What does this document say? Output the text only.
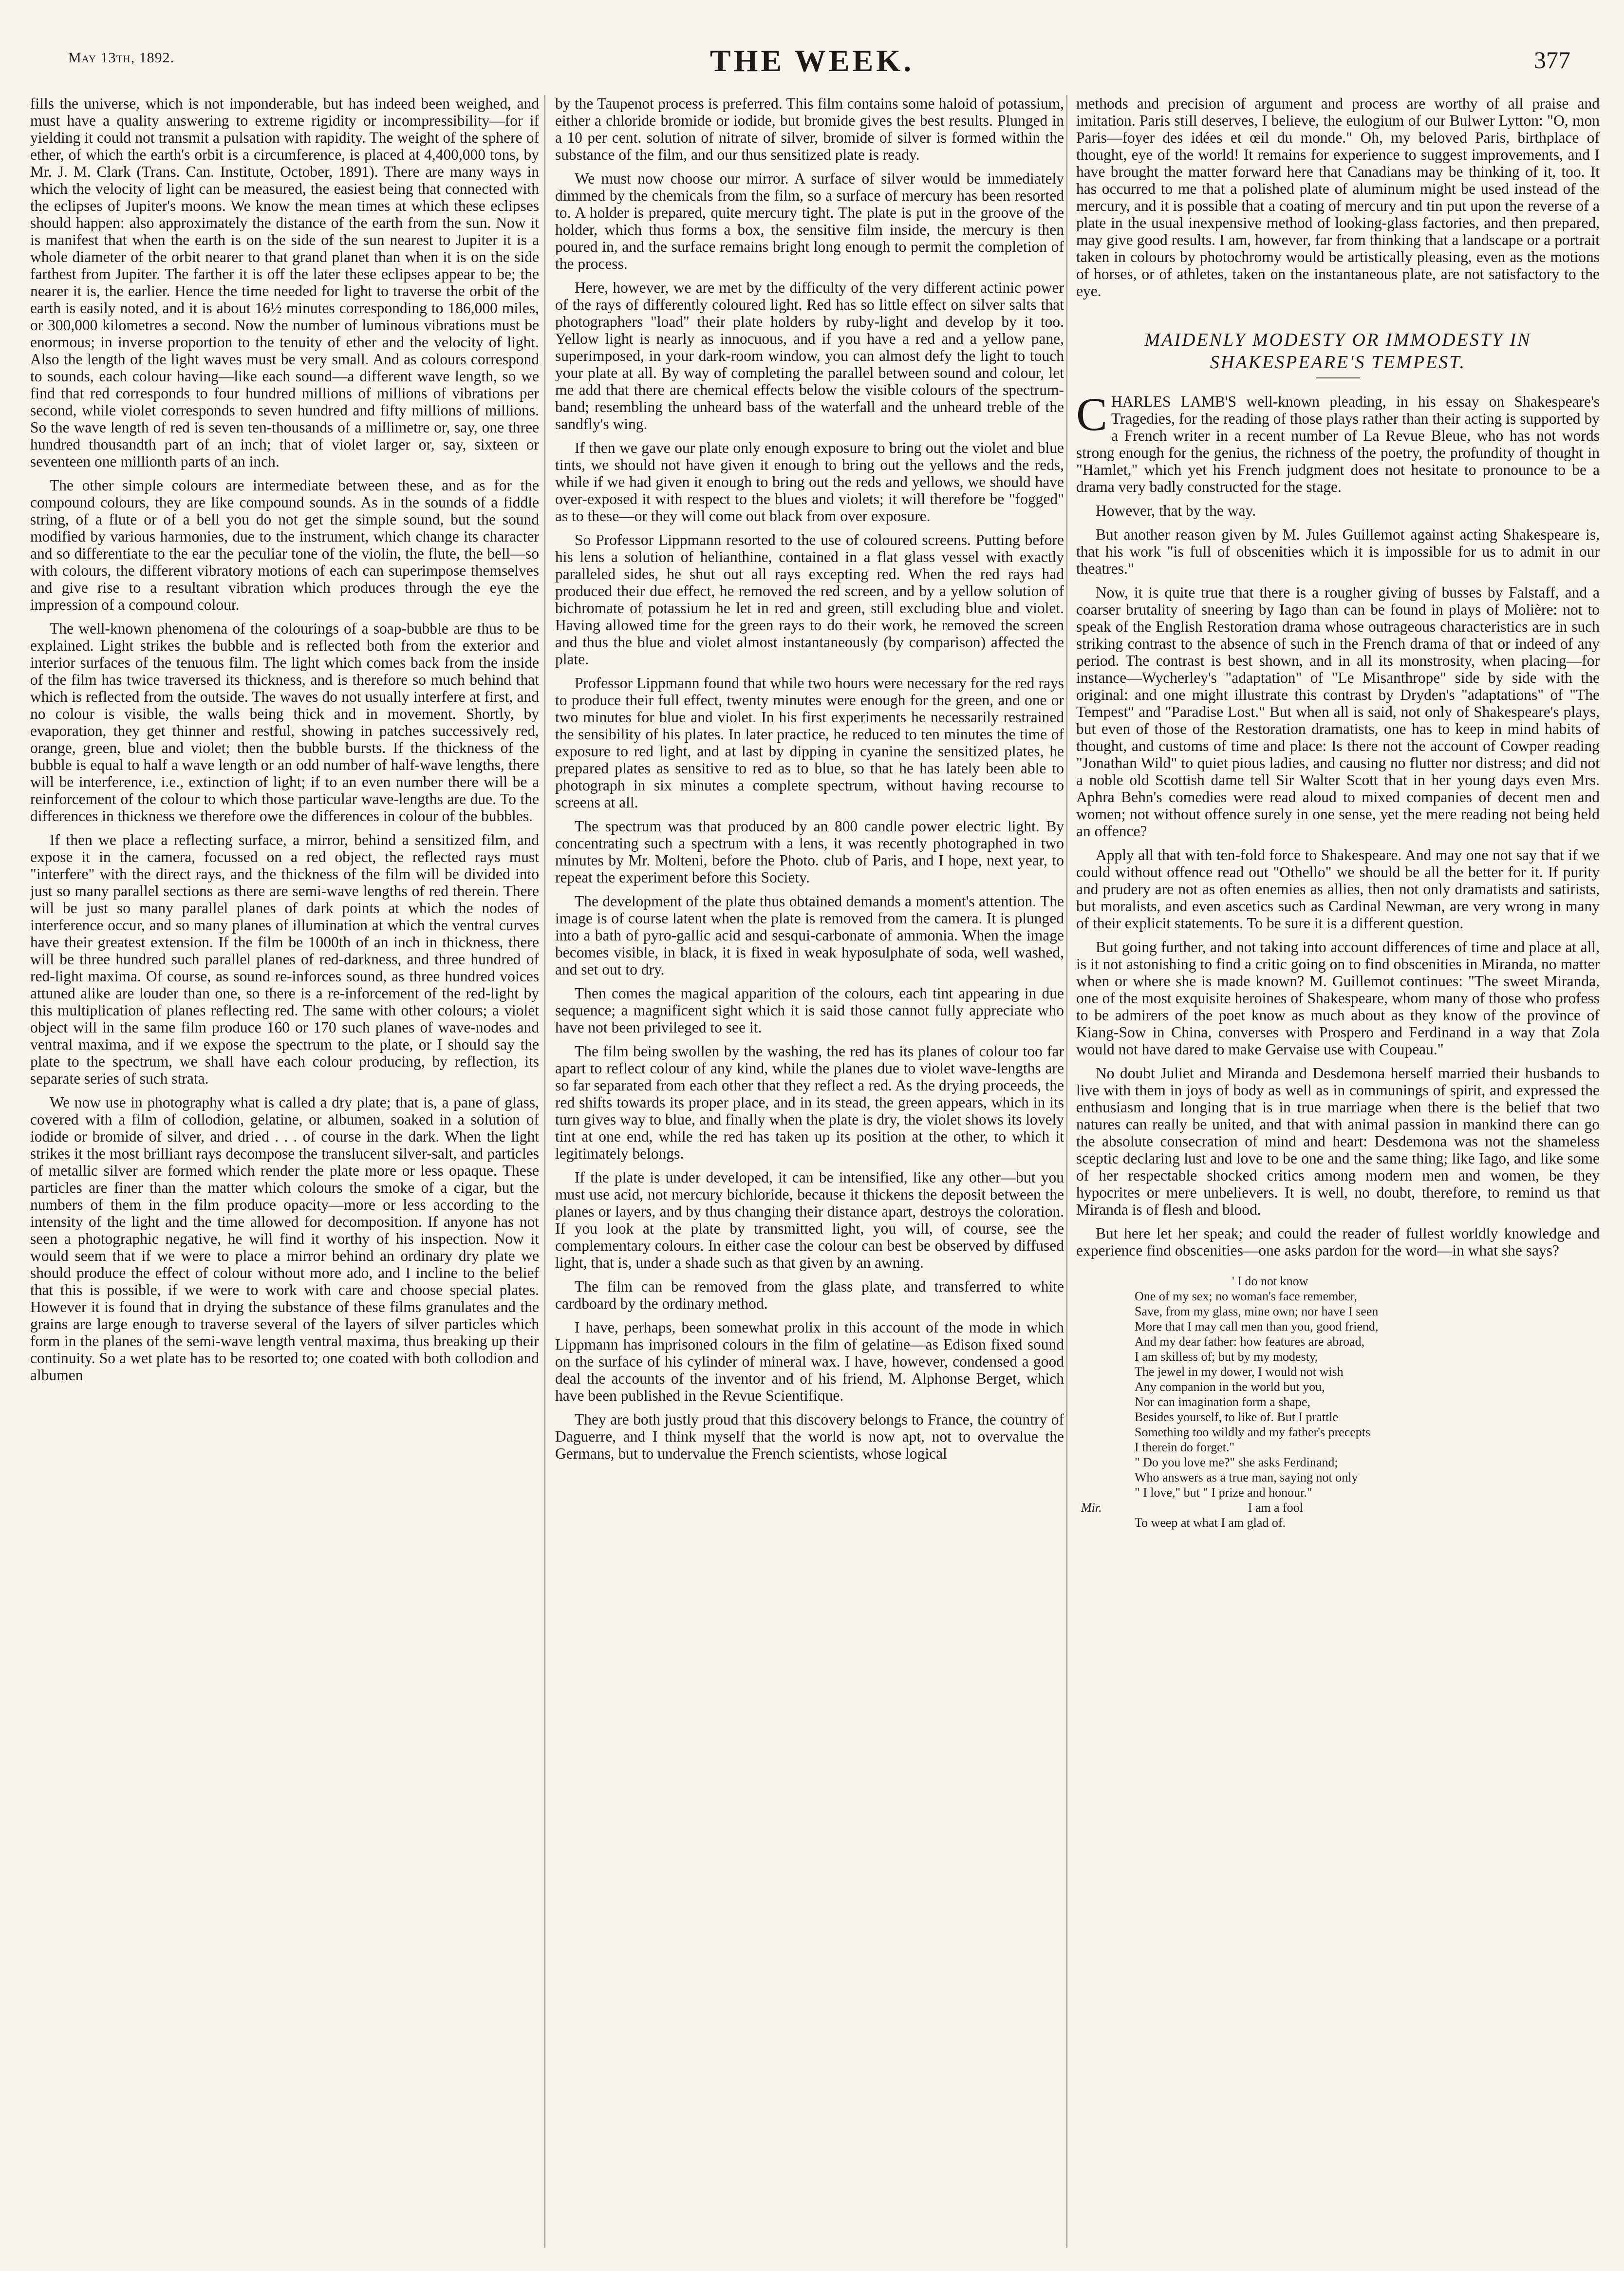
May 13th, 1892.	THE WEEK.	377

fills the universe, which is not imponderable, but has indeed been weighed, and must have a quality answering to extreme rigidity or incompressibility—for if yielding it could not transmit a pulsation with rapidity. The weight of the sphere of ether, of which the earth's orbit is a circumference, is placed at 4,400,000 tons, by Mr. J. M. Clark (Trans. Can. Institute, October, 1891). There are many ways in which the velocity of light can be measured, the easiest being that connected with the eclipses of Jupiter's moons. We know the mean times at which these eclipses should happen: also approximately the distance of the earth from the sun. Now it is manifest that when the earth is on the side of the sun nearest to Jupiter it is a whole diameter of the orbit nearer to that grand planet than when it is on the side farthest from Jupiter. The farther it is off the later these eclipses appear to be; the nearer it is, the earlier. Hence the time needed for light to traverse the orbit of the earth is easily noted, and it is about 16½ minutes corresponding to 186,000 miles, or 300,000 kilometres a second. Now the number of luminous vibrations must be enormous; in inverse proportion to the tenuity of ether and the velocity of light. Also the length of the light waves must be very small. And as colours correspond to sounds, each colour having—like each sound—a different wave length, so we find that red corresponds to four hundred millions of millions of vibrations per second, while violet corresponds to seven hundred and fifty millions of millions. So the wave length of red is seven ten-thousands of a millimetre or, say, one three hundred thousandth part of an inch; that of violet larger or, say, sixteen or seventeen one millionth parts of an inch.

The other simple colours are intermediate between these, and as for the compound colours, they are like compound sounds. As in the sounds of a fiddle string, of a flute or of a bell you do not get the simple sound, but the sound modified by various harmonies, due to the instrument, which change its character and so differentiate to the ear the peculiar tone of the violin, the flute, the bell—so with colours, the different vibratory motions of each can superimpose themselves and give rise to a resultant vibration which produces through the eye the impression of a compound colour.

The well-known phenomena of the colourings of a soap-bubble are thus to be explained. Light strikes the bubble and is reflected both from the exterior and interior surfaces of the tenuous film. The light which comes back from the inside of the film has twice traversed its thickness, and is therefore so much behind that which is reflected from the outside. The waves do not usually interfere at first, and no colour is visible, the walls being thick and in movement. Shortly, by evaporation, they get thinner and restful, showing in patches successively red, orange, green, blue and violet; then the bubble bursts. If the thickness of the bubble is equal to half a wave length or an odd number of half-wave lengths, there will be interference, i.e., extinction of light; if to an even number there will be a reinforcement of the colour to which those particular wave-lengths are due. To the differences in thickness we therefore owe the differences in colour of the bubbles.

If then we place a reflecting surface, a mirror, behind a sensitized film, and expose it in the camera, focussed on a red object, the reflected rays must "interfere" with the direct rays, and the thickness of the film will be divided into just so many parallel sections as there are semi-wave lengths of red therein. There will be just so many parallel planes of dark points at which the nodes of interference occur, and so many planes of illumination at which the ventral curves have their greatest extension. If the film be 1000th of an inch in thickness, there will be three hundred such parallel planes of red-darkness, and three hundred of red-light maxima. Of course, as sound re-inforces sound, as three hundred voices attuned alike are louder than one, so there is a re-inforcement of the red-light by this multiplication of planes reflecting red. The same with other colours; a violet object will in the same film produce 160 or 170 such planes of wave-nodes and ventral maxima, and if we expose the spectrum to the plate, or I should say the plate to the spectrum, we shall have each colour producing, by reflection, its separate series of such strata.

We now use in photography what is called a dry plate; that is, a pane of glass, covered with a film of collodion, gelatine, or albumen, soaked in a solution of iodide or bromide of silver, and dried . . . of course in the dark. When the light strikes it the most brilliant rays decompose the translucent silver-salt, and particles of metallic silver are formed which render the plate more or less opaque. These particles are finer than the matter which colours the smoke of a cigar, but the numbers of them in the film produce opacity—more or less according to the intensity of the light and the time allowed for decomposition. If anyone has not seen a photographic negative, he will find it worthy of his inspection. Now it would seem that if we were to place a mirror behind an ordinary dry plate we should produce the effect of colour without more ado, and I incline to the belief that this is possible, if we were to work with care and choose special plates. However it is found that in drying the substance of these films granulates and the grains are large enough to traverse several of the layers of silver particles which form in the planes of the semi-wave length ventral maxima, thus breaking up their continuity. So a wet plate has to be resorted to; one coated with both collodion and albumen

by the Taupenot process is preferred. This film contains some haloid of potassium, either a chloride bromide or iodide, but bromide gives the best results. Plunged in a 10 per cent. solution of nitrate of silver, bromide of silver is formed within the substance of the film, and our thus sensitized plate is ready.

We must now choose our mirror. A surface of silver would be immediately dimmed by the chemicals from the film, so a surface of mercury has been resorted to. A holder is prepared, quite mercury tight. The plate is put in the groove of the holder, which thus forms a box, the sensitive film inside, the mercury is then poured in, and the surface remains bright long enough to permit the completion of the process.

Here, however, we are met by the difficulty of the very different actinic power of the rays of differently coloured light. Red has so little effect on silver salts that photographers "load" their plate holders by ruby-light and develop by it too. Yellow light is nearly as innocuous, and if you have a red and a yellow pane, superimposed, in your dark-room window, you can almost defy the light to touch your plate at all. By way of completing the parallel between sound and colour, let me add that there are chemical effects below the visible colours of the spectrum-band; resembling the unheard bass of the waterfall and the unheard treble of the sandfly's wing.

If then we gave our plate only enough exposure to bring out the violet and blue tints, we should not have given it enough to bring out the yellows and the reds, while if we had given it enough to bring out the reds and yellows, we should have over-exposed it with respect to the blues and violets; it will therefore be "fogged" as to these—or they will come out black from over exposure.

So Professor Lippmann resorted to the use of coloured screens. Putting before his lens a solution of helianthine, contained in a flat glass vessel with exactly paralleled sides, he shut out all rays excepting red. When the red rays had produced their due effect, he removed the red screen, and by a yellow solution of bichromate of potassium he let in red and green, still excluding blue and violet. Having allowed time for the green rays to do their work, he removed the screen and thus the blue and violet almost instantaneously (by comparison) affected the plate.

Professor Lippmann found that while two hours were necessary for the red rays to produce their full effect, twenty minutes were enough for the green, and one or two minutes for blue and violet. In his first experiments he necessarily restrained the sensibility of his plates. In later practice, he reduced to ten minutes the time of exposure to red light, and at last by dipping in cyanine the sensitized plates, he prepared plates as sensitive to red as to blue, so that he has lately been able to photograph in six minutes a complete spectrum, without having recourse to screens at all.

The spectrum was that produced by an 800 candle power electric light. By concentrating such a spectrum with a lens, it was recently photographed in two minutes by Mr. Molteni, before the Photo. club of Paris, and I hope, next year, to repeat the experiment before this Society.

The development of the plate thus obtained demands a moment's attention. The image is of course latent when the plate is removed from the camera. It is plunged into a bath of pyro-gallic acid and sesqui-carbonate of ammonia. When the image becomes visible, in black, it is fixed in weak hyposulphate of soda, well washed, and set out to dry.

Then comes the magical apparition of the colours, each tint appearing in due sequence; a magnificent sight which it is said those cannot fully appreciate who have not been privileged to see it.

The film being swollen by the washing, the red has its planes of colour too far apart to reflect colour of any kind, while the planes due to violet wave-lengths are so far separated from each other that they reflect a red. As the drying proceeds, the red shifts towards its proper place, and in its stead, the green appears, which in its turn gives way to blue, and finally when the plate is dry, the violet shows its lovely tint at one end, while the red has taken up its position at the other, to which it legitimately belongs.

If the plate is under developed, it can be intensified, like any other—but you must use acid, not mercury bichloride, because it thickens the deposit between the planes or layers, and by thus changing their distance apart, destroys the coloration. If you look at the plate by transmitted light, you will, of course, see the complementary colours. In either case the colour can best be observed by diffused light, that is, under a shade such as that given by an awning.

The film can be removed from the glass plate, and transferred to white cardboard by the ordinary method.

I have, perhaps, been somewhat prolix in this account of the mode in which Lippmann has imprisoned colours in the film of gelatine—as Edison fixed sound on the surface of his cylinder of mineral wax. I have, however, condensed a good deal the accounts of the inventor and of his friend, M. Alphonse Berget, which have been published in the Revue Scientifique.

They are both justly proud that this discovery belongs to France, the country of Daguerre, and I think myself that the world is now apt, not to overvalue the Germans, but to undervalue the French scientists, whose logical

methods and precision of argument and process are worthy of all praise and imitation. Paris still deserves, I believe, the eulogium of our Bulwer Lytton: "O, mon Paris—foyer des idées et œil du monde." Oh, my beloved Paris, birthplace of thought, eye of the world! It remains for experience to suggest improvements, and I have brought the matter forward here that Canadians may be thinking of it, too. It has occurred to me that a polished plate of aluminum might be used instead of the mercury, and it is possible that a coating of mercury and tin put upon the reverse of a plate in the usual inexpensive method of looking-glass factories, and then prepared, may give good results. I am, however, far from thinking that a landscape or a portrait taken in colours by photochromy would be artistically pleasing, even as the motions of horses, or of athletes, taken on the instantaneous plate, are not satisfactory to the eye.

MAIDENLY MODESTY OR IMMODESTY IN SHAKESPEARE'S TEMPEST.

CHARLES LAMB'S well-known pleading, in his essay on Shakespeare's Tragedies, for the reading of those plays rather than their acting is supported by a French writer in a recent number of La Revue Bleue, who has not words strong enough for the genius, the richness of the poetry, the profundity of thought in "Hamlet," which yet his French judgment does not hesitate to pronounce to be a drama very badly constructed for the stage.

However, that by the way.

But another reason given by M. Jules Guillemot against acting Shakespeare is, that his work "is full of obscenities which it is impossible for us to admit in our theatres."

Now, it is quite true that there is a rougher giving of busses by Falstaff, and a coarser brutality of sneering by Iago than can be found in plays of Molière: not to speak of the English Restoration drama whose outrageous characteristics are in such striking contrast to the absence of such in the French drama of that or indeed of any period. The contrast is best shown, and in all its monstrosity, when placing—for instance—Wycherley's "adaptation" of "Le Misanthrope" side by side with the original: and one might illustrate this contrast by Dryden's "adaptations" of "The Tempest" and "Paradise Lost." But when all is said, not only of Shakespeare's plays, but even of those of the Restoration dramatists, one has to keep in mind habits of thought, and customs of time and place: Is there not the account of Cowper reading "Jonathan Wild" to quiet pious ladies, and causing no flutter nor distress; and did not a noble old Scottish dame tell Sir Walter Scott that in her young days even Mrs. Aphra Behn's comedies were read aloud to mixed companies of decent men and women; not without offence surely in one sense, yet the mere reading not being held an offence?

Apply all that with ten-fold force to Shakespeare. And may one not say that if we could without offence read out "Othello" we should be all the better for it. If purity and prudery are not as often enemies as allies, then not only dramatists and satirists, but moralists, and even ascetics such as Cardinal Newman, are very wrong in many of their explicit statements. To be sure it is a different question.

But going further, and not taking into account differences of time and place at all, is it not astonishing to find a critic going on to find obscenities in Miranda, no matter when or where she is made known? M. Guillemot continues: "The sweet Miranda, one of the most exquisite heroines of Shakespeare, whom many of those who profess to be admirers of the poet know as much about as they know of the province of Kiang-Sow in China, converses with Prospero and Ferdinand in a way that Zola would not have dared to make Gervaise use with Coupeau."

No doubt Juliet and Miranda and Desdemona herself married their husbands to live with them in joys of body as well as in communings of spirit, and expressed the enthusiasm and longing that is in true marriage when there is the belief that two natures can really be united, and that with animal passion in mankind there can go the absolute consecration of mind and heart: Desdemona was not the shameless sceptic declaring lust and love to be one and the same thing; like Iago, and like some of her respectable shocked critics among modern men and women, be they hypocrites or mere unbelievers. It is well, no doubt, therefore, to remind us that Miranda is of flesh and blood.

But here let her speak; and could the reader of fullest worldly knowledge and experience find obscenities—one asks pardon for the word—in what she says?

' I do not know
One of my sex; no woman's face remember,
Save, from my glass, mine own; nor have I seen
More that I may call men than you, good friend,
And my dear father: how features are abroad,
I am skilless of; but by my modesty,
The jewel in my dower, I would not wish
Any companion in the world but you,
Nor can imagination form a shape,
Besides yourself, to like of. But I prattle
Something too wildly and my father's precepts
I therein do forget."
" Do you love me?" she asks Ferdinand;
Who answers as a true man, saying not only
" I love," but " I prize and honour."
Mir.	I am a fool
To weep at what I am glad of.
